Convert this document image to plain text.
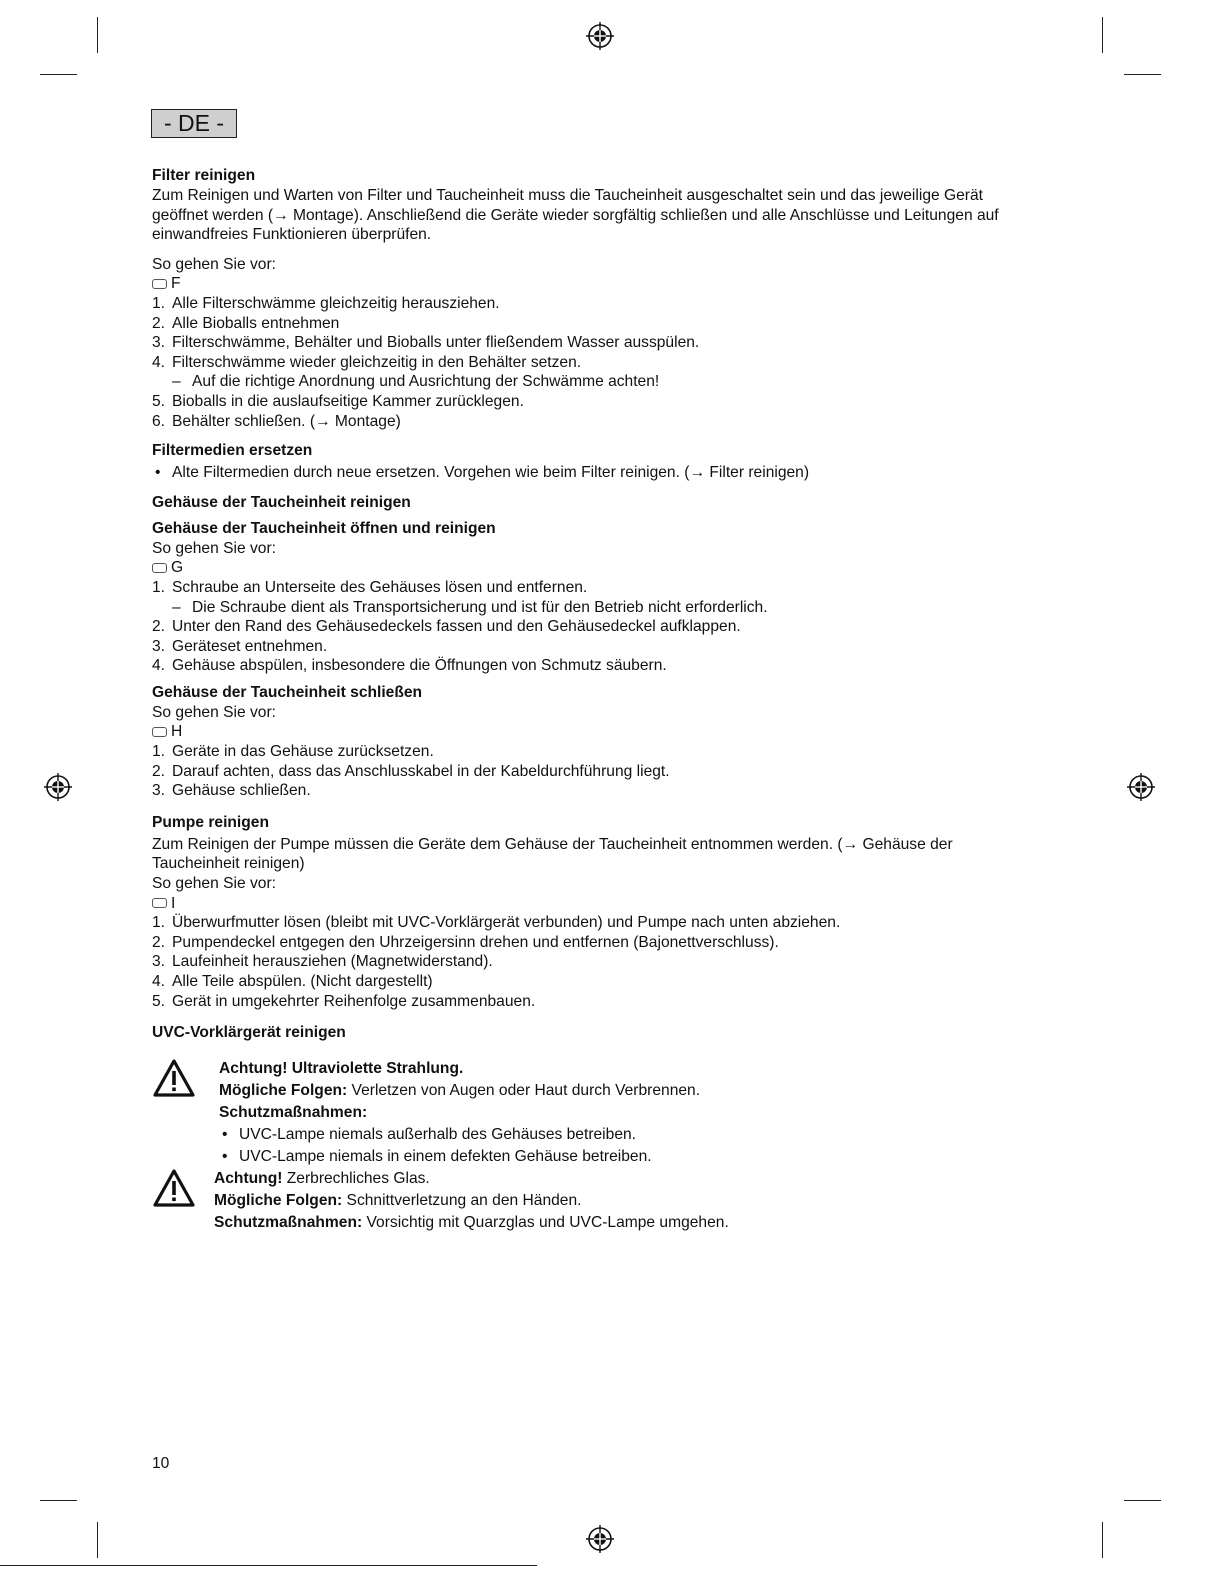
- DE -
Filter reinigen

Zum Reinigen und Warten von Filter und Taucheinheit muss die Taucheinheit ausgeschaltet sein und das jeweilige Gerät geöffnet werden (→ Montage). Anschließend die Geräte wieder sorgfältig schließen und alle Anschlüsse und Leitungen auf einwandfreies Funktionieren überprüfen.

So gehen Sie vor:

F
1. Alle Filterschwämme gleichzeitig herausziehen.
2. Alle Bioballs entnehmen
3. Filterschwämme, Behälter und Bioballs unter fließendem Wasser ausspülen.
4. Filterschwämme wieder gleichzeitig in den Behälter setzen.
– Auf die richtige Anordnung und Ausrichtung der Schwämme achten!
5. Bioballs in die auslaufseitige Kammer zurücklegen.
6. Behälter schließen. (→ Montage)
Filtermedien ersetzen
• Alte Filtermedien durch neue ersetzen. Vorgehen wie beim Filter reinigen. (→ Filter reinigen)
Gehäuse der Taucheinheit reinigen
Gehäuse der Taucheinheit öffnen und reinigen

So gehen Sie vor:

G
1. Schraube an Unterseite des Gehäuses lösen und entfernen.
– Die Schraube dient als Transportsicherung und ist für den Betrieb nicht erforderlich.
2. Unter den Rand des Gehäusedeckels fassen und den Gehäusedeckel aufklappen.
3. Geräteset entnehmen.
4. Gehäuse abspülen, insbesondere die Öffnungen von Schmutz säubern.
Gehäuse der Taucheinheit schließen

So gehen Sie vor:

H
1. Geräte in das Gehäuse zurücksetzen.
2. Darauf achten, dass das Anschlusskabel in der Kabeldurchführung liegt.
3. Gehäuse schließen.
Pumpe reinigen

Zum Reinigen der Pumpe müssen die Geräte dem Gehäuse der Taucheinheit entnommen werden. (→ Gehäuse der Taucheinheit reinigen)

So gehen Sie vor:

I
1. Überwurfmutter lösen (bleibt mit UVC-Vorklärgerät verbunden) und Pumpe nach unten abziehen.
2. Pumpendeckel entgegen den Uhrzeigersinn drehen und entfernen (Bajonettverschluss).
3. Laufeinheit herausziehen (Magnetwiderstand).
4. Alle Teile abspülen. (Nicht dargestellt)
5. Gerät in umgekehrter Reihenfolge zusammenbauen.
UVC-Vorklärgerät reinigen
Achtung! Ultraviolette Strahlung.
Mögliche Folgen: Verletzen von Augen oder Haut durch Verbrennen.
Schutzmaßnahmen:
• UVC-Lampe niemals außerhalb des Gehäuses betreiben.
• UVC-Lampe niemals in einem defekten Gehäuse betreiben.
Achtung! Zerbrechliches Glas.
Mögliche Folgen: Schnittverletzung an den Händen.
Schutzmaßnahmen: Vorsichtig mit Quarzglas und UVC-Lampe umgehen.
10
